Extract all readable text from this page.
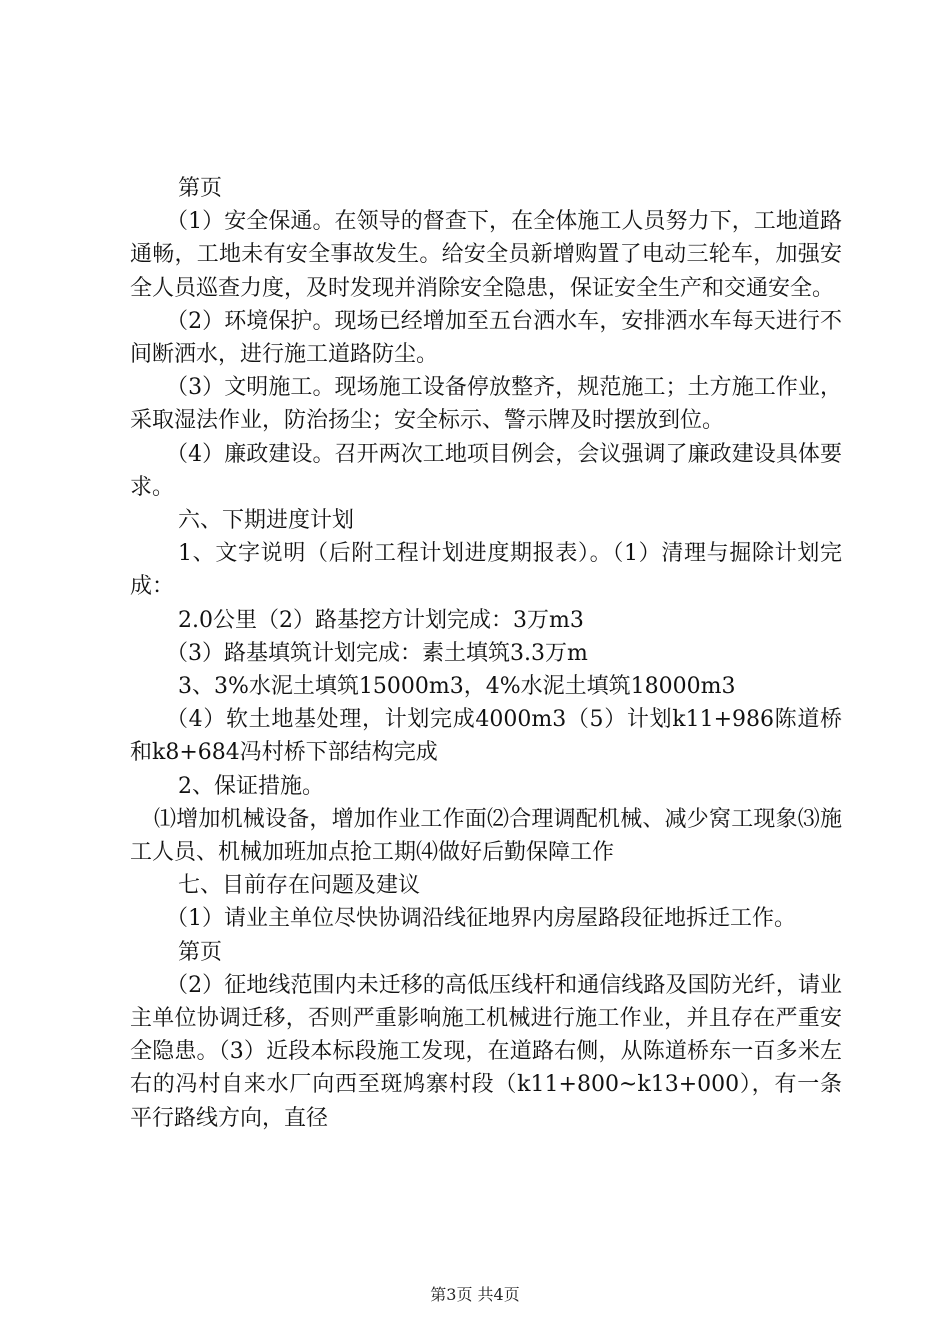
第页

（1）安全保通。在领导的督查下，在全体施工人员努力下，工地道路通畅，工地未有安全事故发生。给安全员新增购置了电动三轮车，加强安全人员巡查力度，及时发现并消除安全隐患，保证安全生产和交通安全。

（2）环境保护。现场已经增加至五台洒水车，安排洒水车每天进行不间断洒水，进行施工道路防尘。

（3）文明施工。现场施工设备停放整齐，规范施工；土方施工作业，采取湿法作业，防治扬尘；安全标示、警示牌及时摆放到位。

（4）廉政建设。召开两次工地项目例会，会议强调了廉政建设具体要求。

六、下期进度计划

1、文字说明（后附工程计划进度期报表）。（1）清理与掘除计划完成：

2.0公里（2）路基挖方计划完成：3万m3

（3）路基填筑计划完成：素土填筑3.3万m

3、3%水泥土填筑15000m3，4%水泥土填筑18000m3

（4）软土地基处理，计划完成4000m3（5）计划k11+986陈道桥和k8+684冯村桥下部结构完成

2、保证措施。

⑴增加机械设备，增加作业工作面⑵合理调配机械、减少窝工现象⑶施工人员、机械加班加点抢工期⑷做好后勤保障工作

七、目前存在问题及建议

（1）请业主单位尽快协调沿线征地界内房屋路段征地拆迁工作。

第页

（2）征地线范围内未迁移的高低压线杆和通信线路及国防光纤，请业主单位协调迁移，否则严重影响施工机械进行施工作业，并且存在严重安全隐患。（3）近段本标段施工发现，在道路右侧，从陈道桥东一百多米左右的冯村自来水厂向西至斑鸠寨村段（k11+800~k13+000），有一条平行路线方向，直径

第3页 共4页
